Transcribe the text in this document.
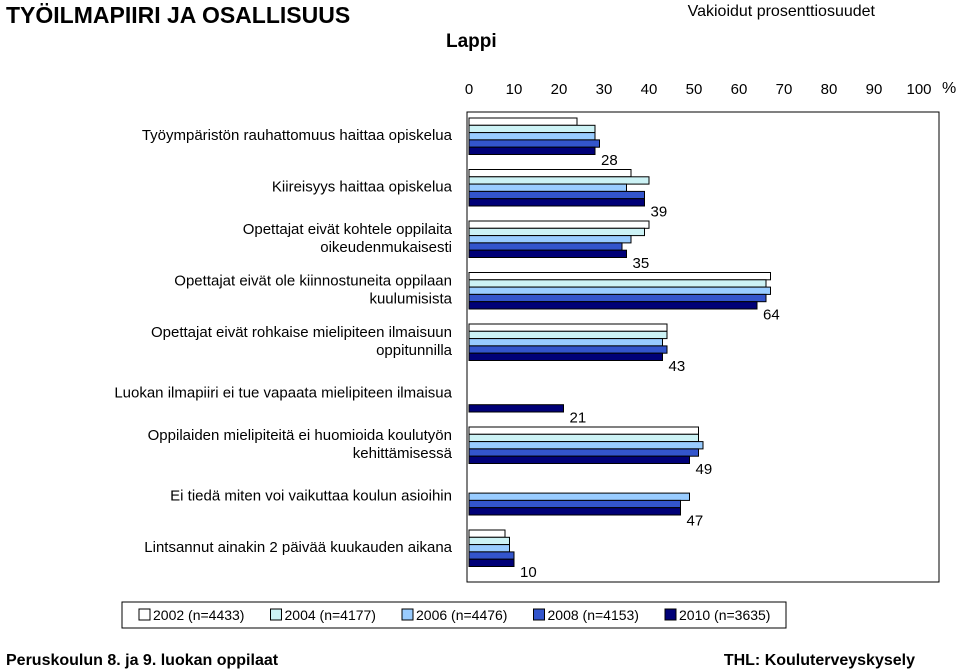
TYÖILMAPIIRI JA OSALLISUUS	Vakioidut prosenttiosuudet
Lappi
0 10 20 30 40 50 60 70 80 90 100 %
Työympäristön rauhattomuus haittaa opiskelua
Kiireisyys haittaa opiskelua
Opettajat eivät kohtele oppilaita oikeudenmukaisesti
Opettajat eivät ole kiinnostuneita oppilaan kuulumisista
Opettajat eivät rohkaise mielipiteen ilmaisuun oppitunnilla
Luokan ilmapiiri ei tue vapaata mielipiteen ilmaisua
Oppilaiden mielipiteitä ei huomioida koulutyön kehittämisessä
Ei tiedä miten voi vaikuttaa koulun asioihin
Lintsannut ainakin 2 päivää kuukauden aikana
28
39
35
64
43
21
49
47
10
2002 (n=4433)	2004 (n=4177)	2006 (n=4476)	2008 (n=4153)	2010 (n=3635)
Peruskoulun 8. ja 9. luokan oppilaat	THL: Kouluterveyskysely
